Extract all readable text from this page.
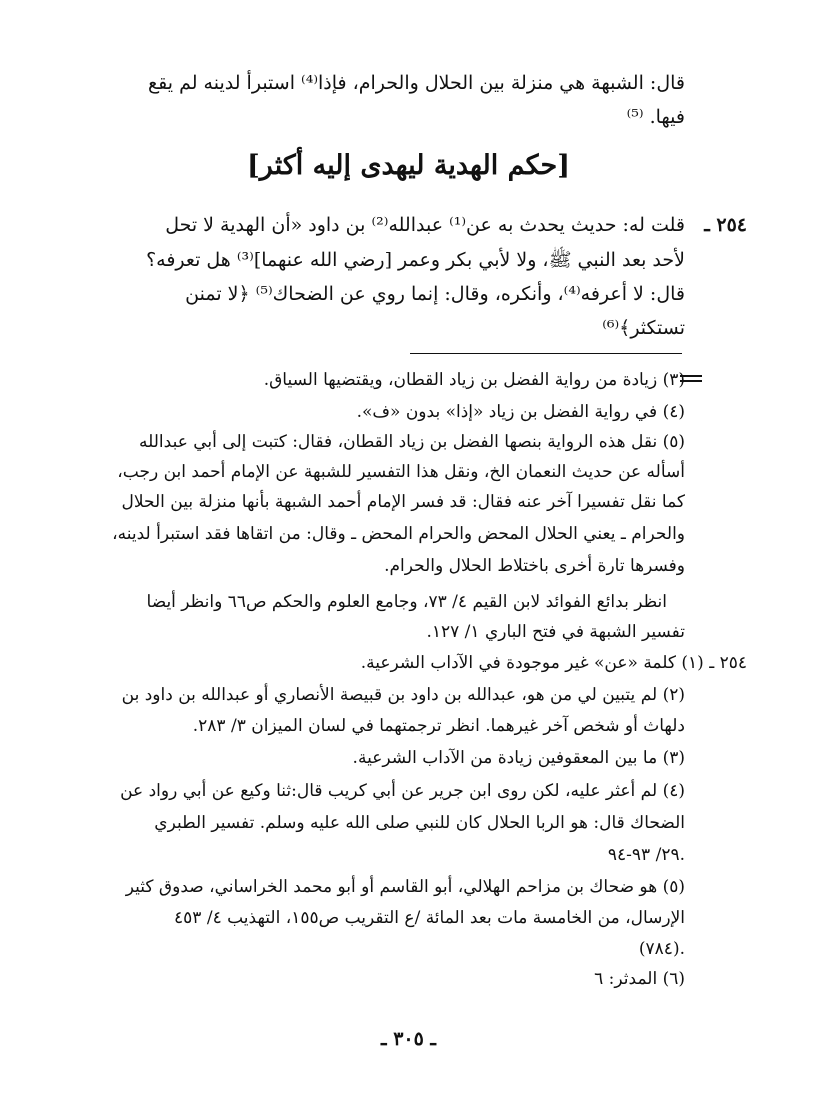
قال: الشبهة هي منزلة بين الحلال والحرام، فإذا⁽⁴⁾ استبرأ لدينه لم يقع
فيها. ⁽⁵⁾
[حكم الهدية ليهدى إليه أكثر]
٢٥٤ ـ
قلت له: حديث يحدث به عن⁽¹⁾ عبدالله⁽²⁾ بن داود «أن الهدية لا تحل
لأحد بعد النبي ﷺ، ولا لأبي بكر وعمر [رضي الله عنهما]⁽³⁾ هل تعرفه؟
قال: لا أعرفه⁽⁴⁾، وأنكره، وقال: إنما روي عن الضحاك⁽⁵⁾ ﴿لا تمنن
تستكثر﴾⁽⁶⁾
(٣) زيادة من رواية الفضل بن زياد القطان، ويقتضيها السياق.
(٤) في رواية الفضل بن زياد «إذا» بدون «ف».
(٥) نقل هذه الرواية بنصها الفضل بن زياد القطان، فقال: كتبت إلى أبي عبدالله
أسأله عن حديث النعمان الخ، ونقل هذا التفسير للشبهة عن الإمام أحمد ابن رجب،
كما نقل تفسيرا آخر عنه فقال: قد فسر الإمام أحمد الشبهة بأنها منزلة بين الحلال
والحرام ـ يعني الحلال المحض والحرام المحض ـ وقال: من اتقاها فقد استبرأ لدينه،
وفسرها تارة أخرى باختلاط الحلال والحرام.
انظر بدائع الفوائد لابن القيم ٤/ ٧٣، وجامع العلوم والحكم ص٦٦ وانظر أيضا
تفسير الشبهة في فتح الباري ١/ ١٢٧.
٢٥٤ ـ (١) كلمة «عن» غير موجودة في الآداب الشرعية.
(٢) لم يتبين لي من هو، عبدالله بن داود بن قبيصة الأنصاري أو عبدالله بن داود بن
دلهاث أو شخص آخر غيرهما. انظر ترجمتهما في لسان الميزان ٣/ ٢٨٣.
(٣) ما بين المعقوفين زيادة من الآداب الشرعية.
(٤) لم أعثر عليه، لكن روى ابن جرير عن أبي كريب قال:ثنا وكيع عن أبي رواد عن
الضحاك قال: هو الربا الحلال كان للنبي صلى الله عليه وسلم. تفسير الطبري
٢٩/ ٩٣-٩٤.
(٥) هو ضحاك بن مزاحم الهلالي، أبو القاسم أو أبو محمد الخراساني، صدوق كثير
الإرسال، من الخامسة مات بعد المائة /ع التقريب ص١٥٥، التهذيب ٤/ ٤٥٣
(٧٨٤).
(٦) المدثر: ٦
ـ ٣٠٥ ـ
